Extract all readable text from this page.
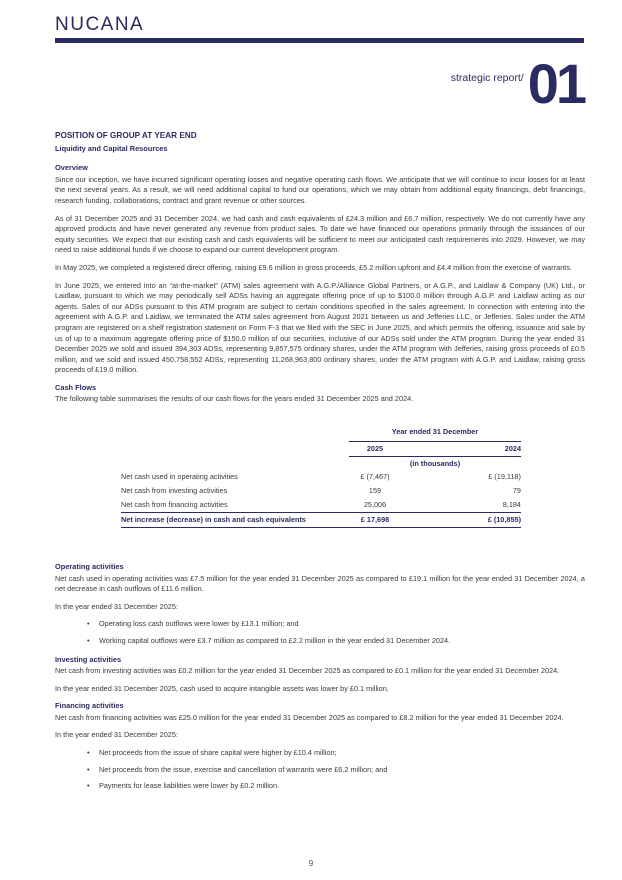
NUCANA
strategic report/ 01
POSITION OF GROUP AT YEAR END
Liquidity and Capital Resources
Overview

Since our inception, we have incurred significant operating losses and negative operating cash flows. We anticipate that we will continue to incur losses for at least the next several years. As a result, we will need additional capital to fund our operations, which we may obtain from additional equity financings, debt financings, research funding, collaborations, contract and grant revenue or other sources.

As of 31 December 2025 and 31 December 2024, we had cash and cash equivalents of £24.3 million and £6.7 million, respectively. We do not currently have any approved products and have never generated any revenue from product sales. To date we have financed our operations primarily through the issuances of our equity securities. We expect that our existing cash and cash equivalents will be sufficient to meet our anticipated cash requirements into 2029. However, we may need to raise additional funds if we choose to expand our current development program.

In May 2025, we completed a registered direct offering, raising £9.6 million in gross proceeds, £5.2 million upfront and £4.4 million from the exercise of warrants.

In June 2025, we entered into an “at-the-market” (ATM) sales agreement with A.G.P./Alliance Global Partners, or A.G.P., and Laidlaw & Company (UK) Ltd., or Laidlaw, pursuant to which we may periodically sell ADSs having an aggregate offering price of up to $100.0 million through A.G.P. and Laidlaw acting as our agents. Sales of our ADSs pursuant to this ATM program are subject to certain conditions specified in the sales agreement. In connection with entering into the agreement with A.G.P. and Laidlaw, we terminated the ATM sales agreement from August 2021 between us and Jefferies LLC, or Jefferies. Sales under the ATM program are registered on a shelf registration statement on Form F-3 that we filed with the SEC in June 2025, and which permits the offering, issuance and sale by us of up to a maximum aggregate offering price of $150.0 million of our securities, inclusive of our ADSs sold under the ATM program. During the year ended 31 December 2025 we sold and issued 394,303 ADSs, representing 9,857,575 ordinary shares, under the ATM program with Jefferies, raising gross proceeds of £0.5 million, and we sold and issued 450,758,552 ADSs, representing 11,268,963,800 ordinary shares, under the ATM program with A.G.P. and Laidlaw, raising gross proceeds of £19.0 million.

Cash Flows

The following table summarises the results of our cash flows for the years ended 31 December 2025 and 2024.

	Year ended 31 December		
	2025		2024
	(in thousands)		
Net cash used in operating activities	£ (7,467)		£ (19,118)
Net cash from investing activities	159		79
Net cash from financing activities	25,006		8,184
Net increase (decrease) in cash and cash equivalents	£ 17,698		£ (10,855)
Operating activities

Net cash used in operating activities was £7.5 million for the year ended 31 December 2025 as compared to £19.1 million for the year ended 31 December 2024, a net decrease in cash outflows of £11.6 million.

In the year ended 31 December 2025:

• Operating loss cash outflows were lower by £13.1 million; and
• Working capital outflows were £3.7 million as compared to £2.2 million in the year ended 31 December 2024.
Investing activities

Net cash from investing activities was £0.2 million for the year ended 31 December 2025 as compared to £0.1 million for the year ended 31 December 2024.

In the year ended 31 December 2025, cash used to acquire intangible assets was lower by £0.1 million.

Financing activities

Net cash from financing activities was £25.0 million for the year ended 31 December 2025 as compared to £8.2 million for the year ended 31 December 2024.

In the year ended 31 December 2025:

• Net proceeds from the issue of share capital were higher by £10.4 million;
• Net proceeds from the issue, exercise and cancellation of warrants were £6.2 million; and
• Payments for lease liabilities were lower by £0.2 million.
9
